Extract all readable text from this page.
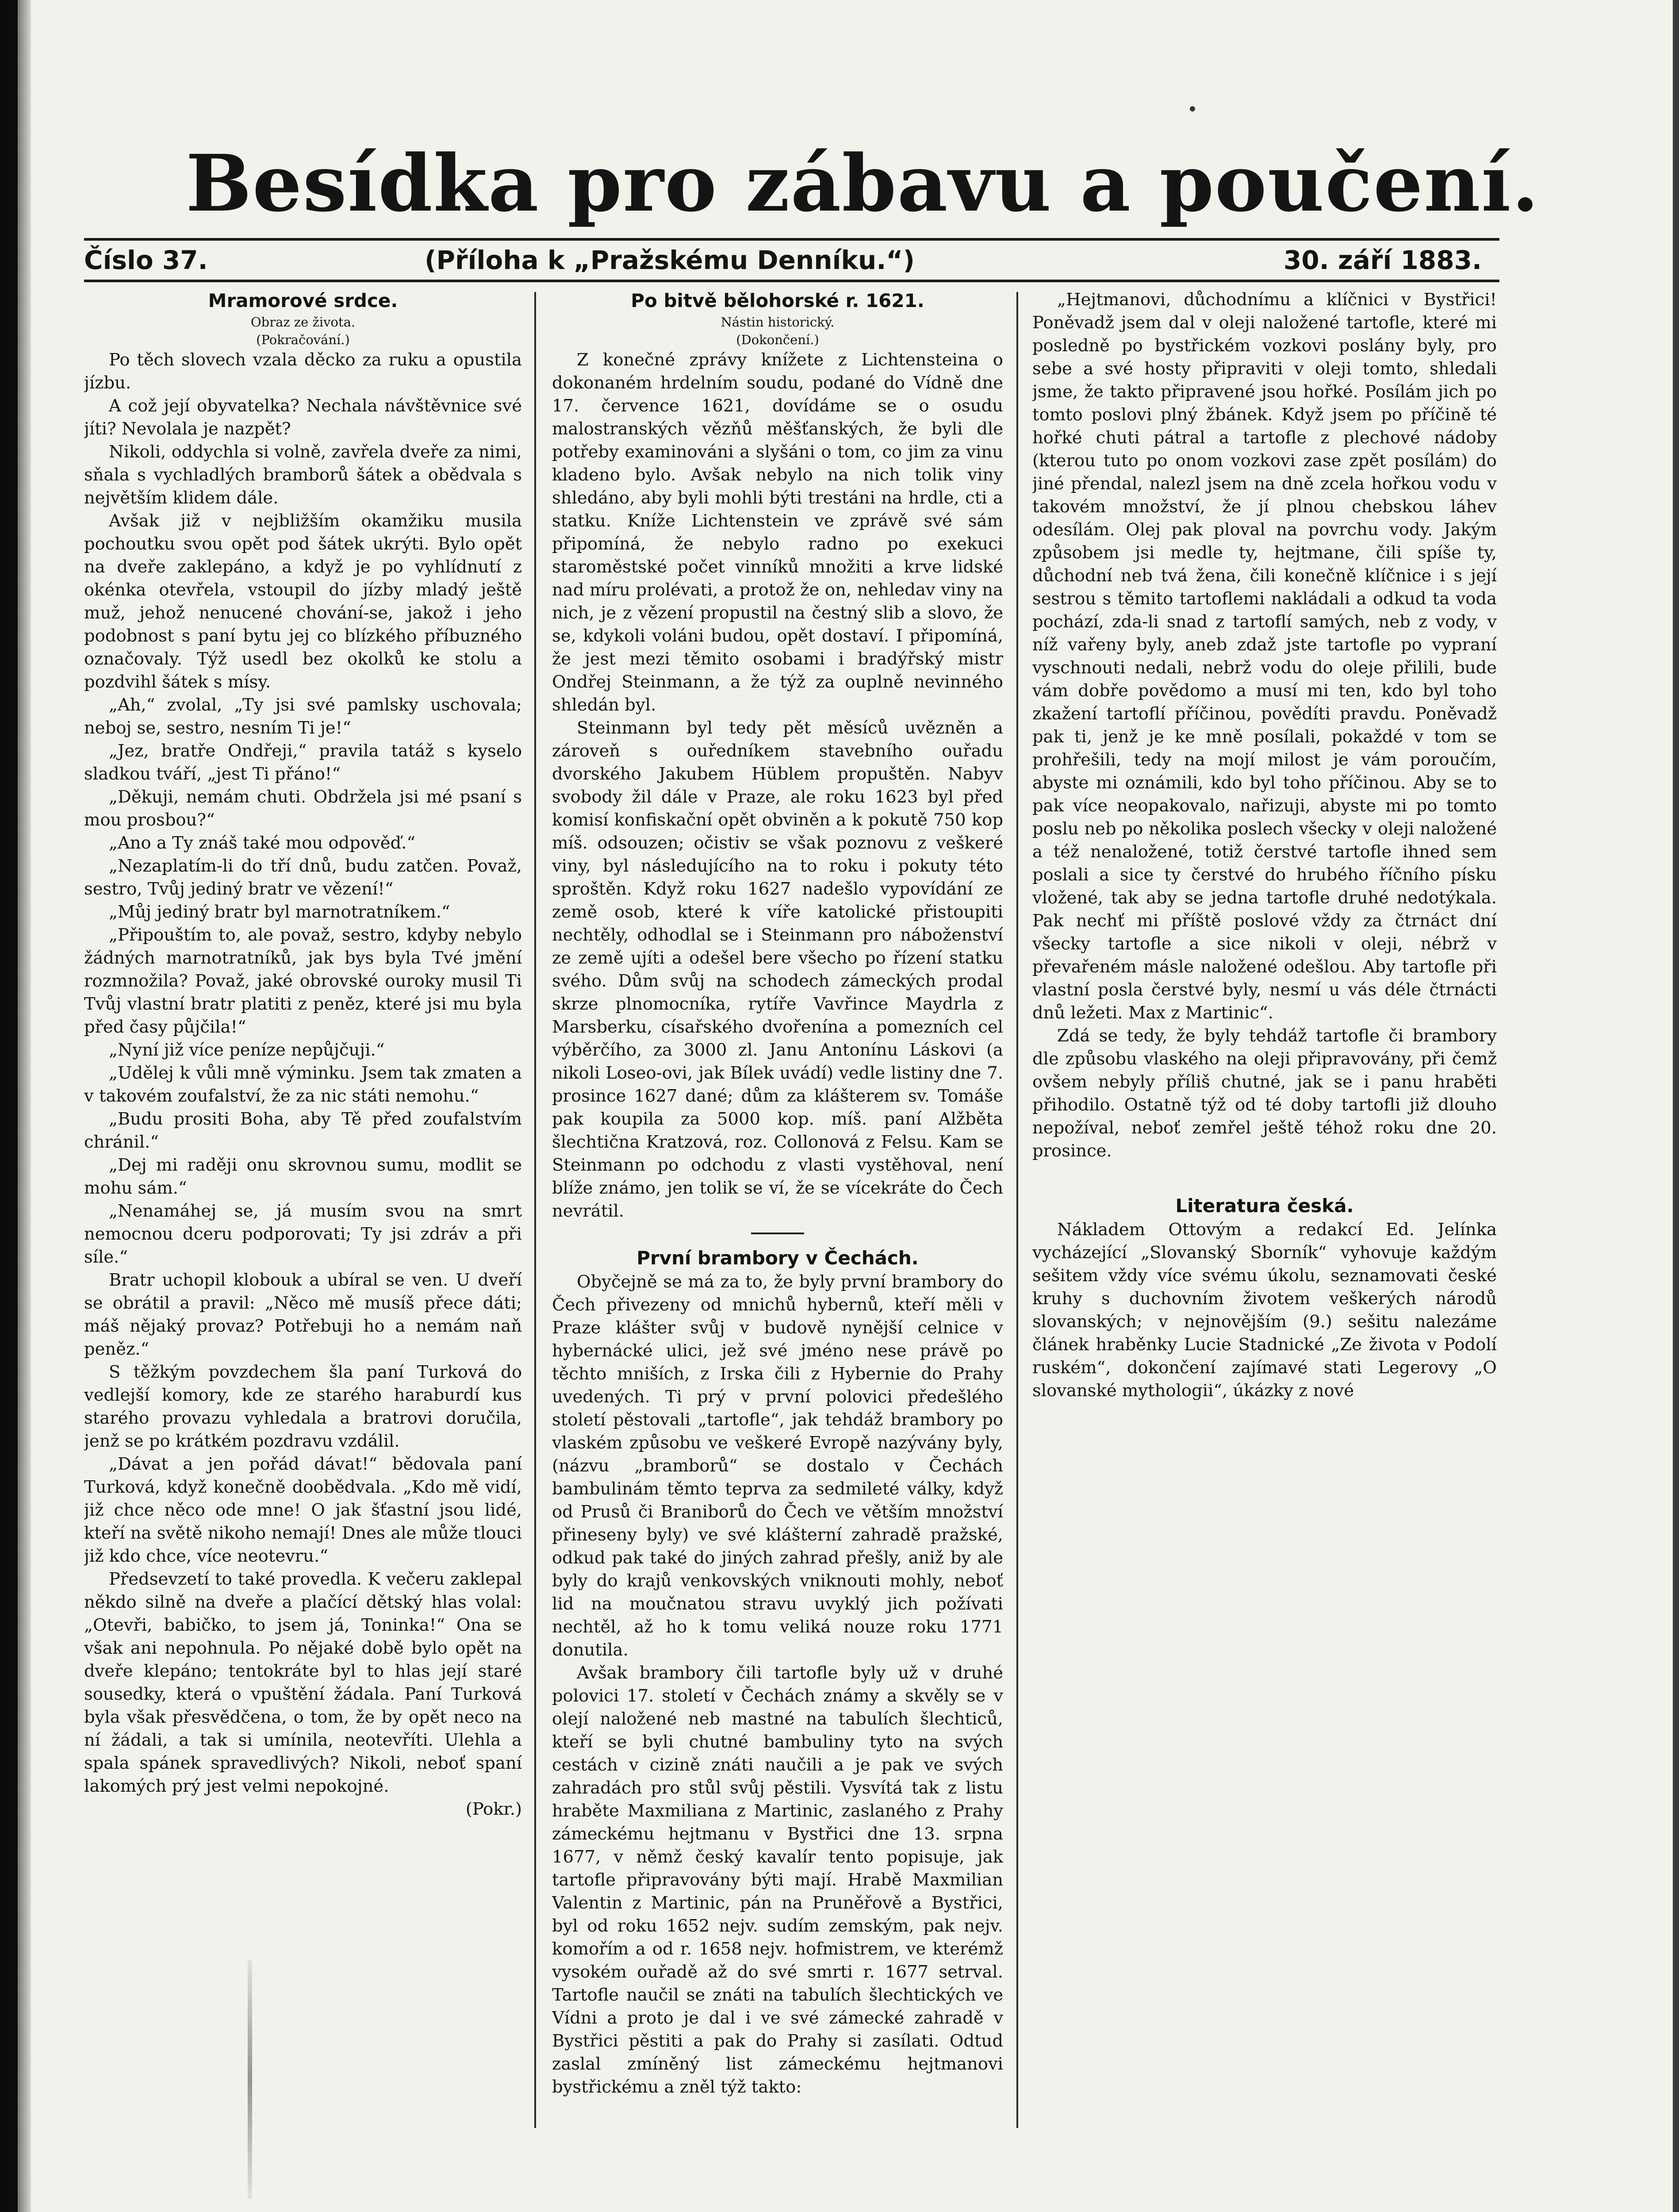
Besídka pro zábavu a poučení.
Číslo 37.	(Příloha k „Pražskému Denníku.“)	30. září 1883.
Mramorové srdce.

Obraz ze života.

(Pokračování.)

Po těch slovech vzala děcko za ruku a opustila jízbu.

A což její obyvatelka? Nechala návštěvnice své jíti? Nevolala je nazpět?

Nikoli, oddychla si volně, zavřela dveře za nimi, sňala s vychladlých bramborů šátek a obědvala s největším klidem dále.

Avšak již v nejbližším okamžiku musila pochoutku svou opět pod šátek ukrýti. Bylo opět na dveře zaklepáno, a když je po vyhlídnutí z okénka otevřela, vstoupil do jízby mladý ještě muž, jehož nenucené chování-se, jakož i jeho podobnost s paní bytu jej co blízkého příbuzného označovaly. Týž usedl bez okolků ke stolu a pozdvihl šátek s mísy.

„Ah,“ zvolal, „Ty jsi své pamlsky uschovala; neboj se, sestro, nesním Ti je!“

„Jez, bratře Ondřeji,“ pravila tatáž s kyselo sladkou tváří, „jest Ti přáno!“

„Děkuji, nemám chuti. Obdržela jsi mé psaní s mou prosbou?“

„Ano a Ty znáš také mou odpověď.“

„Nezaplatím-li do tří dnů, budu zatčen. Považ, sestro, Tvůj jediný bratr ve vězení!“

„Můj jediný bratr byl marnotratníkem.“

„Připouštím to, ale považ, sestro, kdyby nebylo žádných marnotratníků, jak bys byla Tvé jmění rozmnožila? Považ, jaké obrovské ouroky musil Ti Tvůj vlastní bratr platiti z peněz, které jsi mu byla před časy půjčila!“

„Nyní již více peníze nepůjčuji.“

„Udělej k vůli mně výminku. Jsem tak zmaten a v takovém zoufalství, že za nic státi nemohu.“

„Budu prositi Boha, aby Tě před zoufalstvím chránil.“

„Dej mi raději onu skrovnou sumu, modlit se mohu sám.“

„Nenamáhej se, já musím svou na smrt nemocnou dceru podporovati; Ty jsi zdráv a při síle.“

Bratr uchopil klobouk a ubíral se ven. U dveří se obrátil a pravil: „Něco mě musíš přece dáti; máš nějaký provaz? Potřebuji ho a nemám naň peněz.“

S těžkým povzdechem šla paní Turková do vedlejší komory, kde ze starého haraburdí kus starého provazu vyhledala a bratrovi doručila, jenž se po krátkém pozdravu vzdálil.

„Dávat a jen pořád dávat!“ bědovala paní Turková, když konečně doobědvala. „Kdo mě vidí, již chce něco ode mne! O jak šťastní jsou lidé, kteří na světě nikoho nemají! Dnes ale může tlouci již kdo chce, více neotevru.“

Předsevzetí to také provedla. K večeru zaklepal někdo silně na dveře a plačící dětský hlas volal: „Otevři, babičko, to jsem já, Toninka!“ Ona se však ani nepohnula. Po nějaké době bylo opět na dveře klepáno; tentokráte byl to hlas její staré sousedky, která o vpuštění žádala. Paní Turková byla však přesvědčena, o tom, že by opět neco na ní žádali, a tak si umínila, neotevříti. Ulehla a spala spánek spravedlivých? Nikoli, neboť spaní lakomých prý jest velmi nepokojné.

(Pokr.)

Po bitvě bělohorské r. 1621.

Nástin historický.

(Dokončení.)

Z konečné zprávy knížete z Lichtensteina o dokonaném hrdelním soudu, podané do Vídně dne 17. července 1621, dovídáme se o osudu malostranských vězňů měšťanských, že byli dle potřeby examinováni a slyšáni o tom, co jim za vinu kladeno bylo. Avšak nebylo na nich tolik viny shledáno, aby byli mohli býti trestáni na hrdle, cti a statku. Kníže Lichtenstein ve zprávě své sám připomíná, že nebylo radno po exekuci staroměstské počet vinníků množiti a krve lidské nad míru prolévati, a protož že on, nehledav viny na nich, je z vězení propustil na čestný slib a slovo, že se, kdykoli voláni budou, opět dostaví. I připomíná, že jest mezi těmito osobami i bradýřský mistr Ondřej Steinmann, a že týž za ouplně nevinného shledán byl.

Steinmann byl tedy pět měsíců uvězněn a zároveň s ouředníkem stavebního ouřadu dvorského Jakubem Hüblem propuštěn. Nabyv svobody žil dále v Praze, ale roku 1623 byl před komisí konfiskační opět obviněn a k pokutě 750 kop míš. odsouzen; očistiv se však poznovu z veškeré viny, byl následujícího na to roku i pokuty této sproštěn. Když roku 1627 nadešlo vypovídání ze země osob, které k víře katolické přistoupiti nechtěly, odhodlal se i Steinmann pro náboženství ze země ujíti a odešel bere všecho po řízení statku svého. Dům svůj na schodech zámeckých prodal skrze plnomocníka, rytíře Vavřince Maydrla z Marsberku, císařského dvořenína a pomezních cel výběrčího, za 3000 zl. Janu Antonínu Láskovi (a nikoli Loseo-ovi, jak Bílek uvádí) vedle listiny dne 7. prosince 1627 dané; dům za klášterem sv. Tomáše pak koupila za 5000 kop. míš. paní Alžběta šlechtična Kratzová, roz. Collonová z Felsu. Kam se Steinmann po odchodu z vlasti vystěhoval, není blíže známo, jen tolik se ví, že se vícekráte do Čech nevrátil.

První brambory v Čechách.

Obyčejně se má za to, že byly první brambory do Čech přivezeny od mnichů hybernů, kteří měli v Praze klášter svůj v budově nynější celnice v hybernácké ulici, jež své jméno nese právě po těchto mniších, z Irska čili z Hybernie do Prahy uvedených. Ti prý v první polovici předešlého století pěstovali „tartofle“, jak tehdáž brambory po vlaském způsobu ve veškeré Evropě nazývány byly, (názvu „bramborů“ se dostalo v Čechách bambulinám těmto teprva za sedmileté války, když od Prusů či Braniborů do Čech ve větším množství přineseny byly) ve své klášterní zahradě pražské, odkud pak také do jiných zahrad přešly, aniž by ale byly do krajů venkovských vniknouti mohly, neboť lid na moučnatou stravu uvyklý jich požívati nechtěl, až ho k tomu veliká nouze roku 1771 donutila.

Avšak brambory čili tartofle byly už v druhé polovici 17. století v Čechách známy a skvěly se v olejí naložené neb mastné na tabulích šlechticů, kteří se byli chutné bambuliny tyto na svých cestách v cizině znáti naučili a je pak ve svých zahradách pro stůl svůj pěstili. Vysvítá tak z listu hraběte Maxmiliana z Martinic, zaslaného z Prahy zámeckému hejtmanu v Bystřici dne 13. srpna 1677, v němž český kavalír tento popisuje, jak tartofle připravovány býti mají. Hrabě Maxmilian Valentin z Martinic, pán na Pruněřově a Bystřici, byl od roku 1652 nejv. sudím zemským, pak nejv. komořím a od r. 1658 nejv. hofmistrem, ve kterémž vysokém ouřadě až do své smrti r. 1677 setrval. Tartofle naučil se znáti na tabulích šlechtických ve Vídni a proto je dal i ve své zámecké zahradě v Bystřici pěstiti a pak do Prahy si zasílati. Odtud zaslal zmíněný list zámeckému hejtmanovi bystřickému a zněl týž takto:

„Hejtmanovi, důchodnímu a klíčnici v Bystřici! Poněvadž jsem dal v oleji naložené tartofle, které mi posledně po bystřickém vozkovi poslány byly, pro sebe a své hosty připraviti v oleji tomto, shledali jsme, že takto připravené jsou hořké. Posílám jich po tomto poslovi plný žbánek. Když jsem po příčině té hořké chuti pátral a tartofle z plechové nádoby (kterou tuto po onom vozkovi zase zpět posílám) do jiné přendal, nalezl jsem na dně zcela hořkou vodu v takovém množství, že jí plnou chebskou láhev odesílám. Olej pak ploval na povrchu vody. Jakým způsobem jsi medle ty, hejtmane, čili spíše ty, důchodní neb tvá žena, čili konečně klíčnice i s její sestrou s těmito tartoflemi nakládali a odkud ta voda pochází, zda-li snad z tartoflí samých, neb z vody, v níž vařeny byly, aneb zdaž jste tartofle po vypraní vyschnouti nedali, nebrž vodu do oleje přilili, bude vám dobře povědomo a musí mi ten, kdo byl toho zkažení tartoflí příčinou, povědíti pravdu. Poněvadž pak ti, jenž je ke mně posílali, pokaždé v tom se prohřešili, tedy na mojí milost je vám poroučím, abyste mi oznámili, kdo byl toho příčinou. Aby se to pak více neopakovalo, nařizuji, abyste mi po tomto poslu neb po několika poslech všecky v oleji naložené a též nenaložené, totiž čerstvé tartofle ihned sem poslali a sice ty čerstvé do hrubého říčního písku vložené, tak aby se jedna tartofle druhé nedotýkala. Pak nechť mi příště poslové vždy za čtrnáct dní všecky tartofle a sice nikoli v oleji, nébrž v převařeném másle naložené odešlou. Aby tartofle při vlastní posla čerstvé byly, nesmí u vás déle čtrnácti dnů ležeti. Max z Martinic“.

Zdá se tedy, že byly tehdáž tartofle či brambory dle způsobu vlaského na oleji připravovány, při čemž ovšem nebyly příliš chutné, jak se i panu hraběti přihodilo. Ostatně týž od té doby tartofli již dlouho nepožíval, neboť zemřel ještě téhož roku dne 20. prosince.

Literatura česká.

Nákladem Ottovým a redakcí Ed. Jelínka vycházející „Slovanský Sborník“ vyhovuje každým sešitem vždy více svému úkolu, seznamovati české kruhy s duchovním životem veškerých národů slovanských; v nejnovějším (9.) sešitu nalezáme článek hraběnky Lucie Stadnické „Ze života v Podolí ruském“, dokončení zajímavé stati Legerovy „O slovanské mythologii“, úkázky z nové
